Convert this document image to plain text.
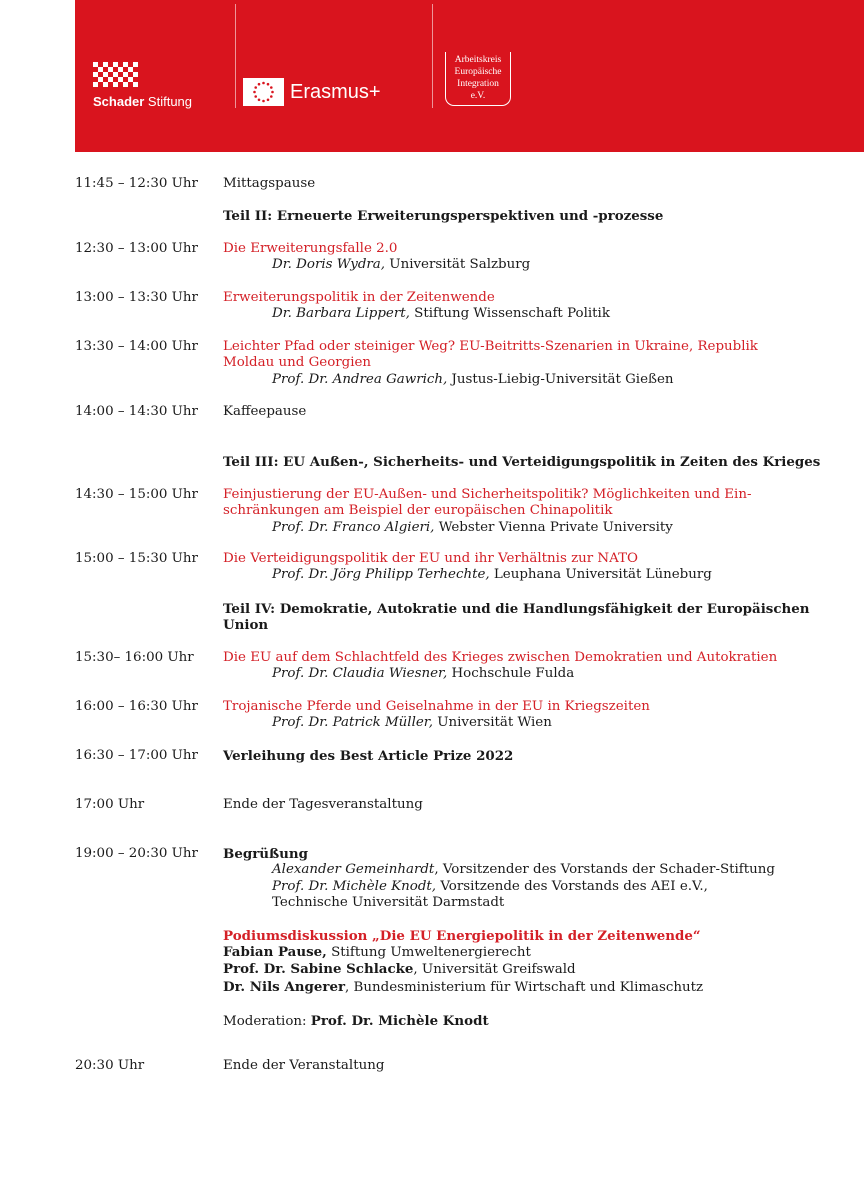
Schader Stiftung	Erasmus+
Arbeitskreis
Europäische
Integration
e.V.
11:45 – 12:30 Uhr Mittagspause
Teil II: Erneuerte Erweiterungsperspektiven und -prozesse
12:30 – 13:00 Uhr Die Erweiterungsfalle 2.0
Dr. Doris Wydra, Universität Salzburg
13:00 – 13:30 Uhr Erweiterungspolitik in der Zeitenwende
Dr. Barbara Lippert, Stiftung Wissenschaft Politik
13:30 – 14:00 Uhr Leichter Pfad oder steiniger Weg? EU-Beitritts-Szenarien in Ukraine, Republik
Moldau und Georgien
Prof. Dr. Andrea Gawrich, Justus-Liebig-Universität Gießen
14:00 – 14:30 Uhr Kaffeepause
Teil III: EU Außen-, Sicherheits- und Verteidigungspolitik in Zeiten des Krieges
14:30 – 15:00 Uhr Feinjustierung der EU-Außen- und Sicherheitspolitik? Möglichkeiten und Ein-
schränkungen am Beispiel der europäischen Chinapolitik
Prof. Dr. Franco Algieri, Webster Vienna Private University
15:00 – 15:30 Uhr Die Verteidigungspolitik der EU und ihr Verhältnis zur NATO
Prof. Dr. Jörg Philipp Terhechte, Leuphana Universität Lüneburg
Teil IV: Demokratie, Autokratie und die Handlungsfähigkeit der Europäischen
Union
15:30– 16:00 Uhr Die EU auf dem Schlachtfeld des Krieges zwischen Demokratien und Autokratien
Prof. Dr. Claudia Wiesner, Hochschule Fulda
16:00 – 16:30 Uhr Trojanische Pferde und Geiselnahme in der EU in Kriegszeiten
Prof. Dr. Patrick Müller, Universität Wien
16:30 – 17:00 Uhr Verleihung des Best Article Prize 2022
17:00 Uhr	Ende der Tagesveranstaltung
19:00 – 20:30 Uhr Begrüßung
Alexander Gemeinhardt, Vorsitzender des Vorstands der Schader-Stiftung
Prof. Dr. Michèle Knodt, Vorsitzende des Vorstands des AEI e.V.,
Technische Universität Darmstadt
Podiumsdiskussion „Die EU Energiepolitik in der Zeitenwende“
Fabian Pause, Stiftung Umweltenergierecht
Prof. Dr. Sabine Schlacke, Universität Greifswald
Dr. Nils Angerer, Bundesministerium für Wirtschaft und Klimaschutz
Moderation: Prof. Dr. Michèle Knodt
20:30 Uhr	Ende der Veranstaltung
